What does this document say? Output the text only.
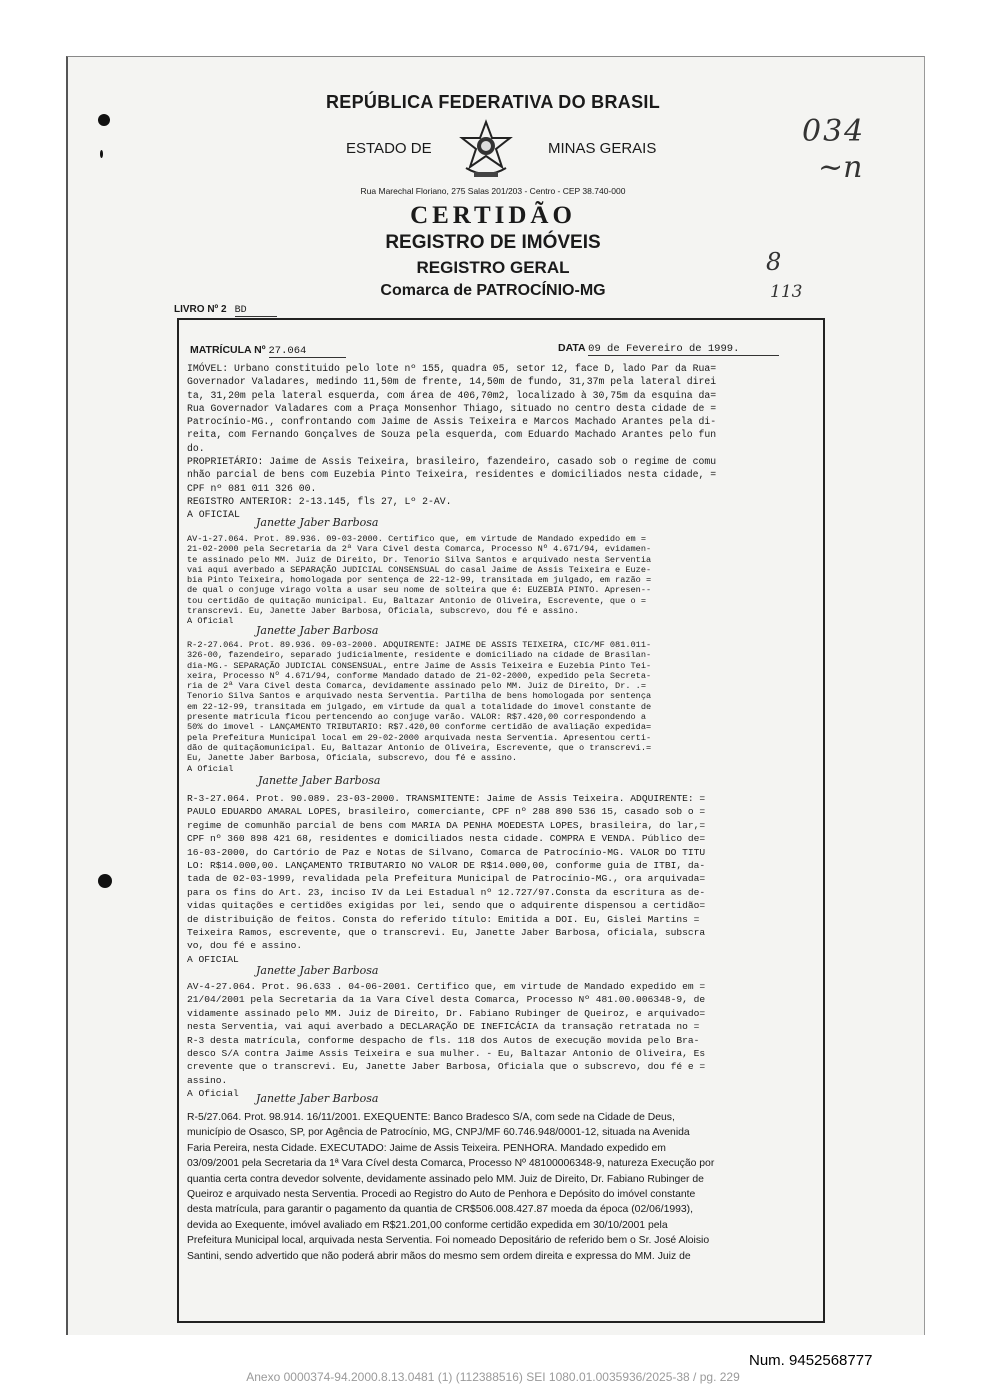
REPÚBLICA FEDERATIVA DO BRASIL
ESTADO DE	MINAS GERAIS
Rua Marechal Floriano, 275 Salas 201/203 - Centro - CEP 38.740-000
CERTIDÃO
REGISTRO DE IMÓVEIS
REGISTRO GERAL
Comarca de PATROCÍNIO-MG
034
~n
8
113
LIVRO Nº 2 BD
MATRÍCULA Nº 27.064	DATA 09 de Fevereiro de 1999.
IMÓVEL: Urbano constituido pelo lote nº 155, quadra 05, setor 12, face D, lado Par da Rua=
Governador Valadares, medindo 11,50m de frente, 14,50m de fundo, 31,37m pela lateral direi
ta, 31,20m pela lateral esquerda, com área de 406,70m2, localizado à 30,75m da esquina da=
Rua Governador Valadares com a Praça Monsenhor Thiago, situado no centro desta cidade de =
Patrocínio-MG., confrontando com Jaime de Assis Teixeira e Marcos Machado Arantes pela di-
reita, com Fernando Gonçalves de Souza pela esquerda, com Eduardo Machado Arantes pelo fun
do.
PROPRIETÁRIO: Jaime de Assis Teixeira, brasileiro, fazendeiro, casado sob o regime de comu
nhão parcial de bens com Euzebia Pinto Teixeira, residentes e domiciliados nesta cidade, =
CPF nº 081 011 326 00.
REGISTRO ANTERIOR: 2-13.145, fls 27, Lº 2-AV.
A OFICIAL
Janette Jaber Barbosa
AV-1-27.064. Prot. 89.936. 09-03-2000. Certifico que, em virtude de Mandado expedido em =
21-02-2000 pela Secretaria da 2ª Vara Civel desta Comarca, Processo Nº 4.671/94, evidamen-
te assinado pelo MM. Juiz de Direito, Dr. Tenorio Silva Santos e arquivado nesta Serventia
vai aqui averbado a SEPARAÇÃO JUDICIAL CONSENSUAL do casal Jaime de Assis Teixeira e Euze-
bia Pinto Teixeira, homologada por sentença de 22-12-99, transitada em julgado, em razão =
de qual o conjuge virago volta a usar seu nome de solteira que é: EUZEBIA PINTO. Apresen--
tou certidão de quitação municipal. Eu, Baltazar Antonio de Oliveira, Escrevente, que o =
transcrevi. Eu, Janette Jaber Barbosa, Oficiala, subscrevo, dou fé e assino.
A Oficial
Janette Jaber Barbosa
R-2-27.064. Prot. 89.936. 09-03-2000. ADQUIRENTE: JAIME DE ASSIS TEIXEIRA, CIC/MF 081.011-
326-00, fazendeiro, separado judicialmente, residente e domiciliado na cidade de Brasilan-
dia-MG.- SEPARAÇÃO JUDICIAL CONSENSUAL, entre Jaime de Assis Teixeira e Euzebia Pinto Tei-
xeira, Processo Nº 4.671/94, conforme Mandado datado de 21-02-2000, expedido pela Secreta-
ria de 2ª Vara Civel desta Comarca, devidamente assinado pelo MM. Juiz de Direito, Dr. .=
Tenorio Silva Santos e arquivado nesta Serventia. Partilha de bens homologada por sentença
em 22-12-99, transitada em julgado, em virtude da qual a totalidade do imovel constante de
presente matricula ficou pertencendo ao conjuge varão. VALOR: R$7.420,00 correspondendo a
50% do imovel - LANÇAMENTO TRIBUTARIO: R$7.420,00 conforme certidão de avaliação expedida=
pela Prefeitura Municipal local em 29-02-2000 arquivada nesta Serventia. Apresentou certi-
dão de quitaçãomunicipal. Eu, Baltazar Antonio de Oliveira, Escrevente, que o transcrevi.=
Eu, Janette Jaber Barbosa, Oficiala, subscrevo, dou fé e assino.
A Oficial
Janette Jaber Barbosa
R-3-27.064. Prot. 90.089. 23-03-2000. TRANSMITENTE: Jaime de Assis Teixeira. ADQUIRENTE: =
PAULO EDUARDO AMARAL LOPES, brasileiro, comerciante, CPF nº 288 890 536 15, casado sob o =
regime de comunhão parcial de bens com MARIA DA PENHA MOEDESTA LOPES, brasileira, do lar,=
CPF nº 360 898 421 68, residentes e domiciliados nesta cidade. COMPRA E VENDA. Público de=
16-03-2000, do Cartório de Paz e Notas de Silvano, Comarca de Patrocínio-MG. VALOR DO TITU
LO: R$14.000,00. LANÇAMENTO TRIBUTARIO NO VALOR DE R$14.000,00, conforme guia de ITBI, da-
tada de 02-03-1999, revalidada pela Prefeitura Municipal de Patrocínio-MG., ora arquivada=
para os fins do Art. 23, inciso IV da Lei Estadual nº 12.727/97.Consta da escritura as de-
vidas quitações e certidões exigidas por lei, sendo que o adquirente dispensou a certidão=
de distribuição de feitos. Consta do referido título: Emitida a DOI. Eu, Gislei Martins =
Teixeira Ramos, escrevente, que o transcrevi. Eu, Janette Jaber Barbosa, oficiala, subscra
vo, dou fé e assino.
A OFICIAL
Janette Jaber Barbosa
AV-4-27.064. Prot. 96.633 . 04-06-2001. Certifico que, em virtude de Mandado expedido em =
21/04/2001 pela Secretaria da 1a Vara Cível desta Comarca, Processo Nº 481.00.006348-9, de
vidamente assinado pelo MM. Juiz de Direito, Dr. Fabiano Rubinger de Queiroz, e arquivado=
nesta Serventia, vai aqui averbado a DECLARAÇÃO DE INEFICÁCIA da transação retratada no =
R-3 desta matrícula, conforme despacho de fls. 118 dos Autos de execução movida pelo Bra-
desco S/A contra Jaime Assis Teixeira e sua mulher. - Eu, Baltazar Antonio de Oliveira, Es
crevente que o transcrevi. Eu, Janette Jaber Barbosa, Oficiala que o subscrevo, dou fé e =
assino.
A Oficial	Janette Jaber Barbosa
R-5/27.064. Prot. 98.914. 16/11/2001. EXEQUENTE: Banco Bradesco S/A, com sede na Cidade de Deus,
município de Osasco, SP, por Agência de Patrocínio, MG, CNPJ/MF 60.746.948/0001-12, situada na Avenida
Faria Pereira, nesta Cidade. EXECUTADO: Jaime de Assis Teixeira. PENHORA. Mandado expedido em
03/09/2001 pela Secretaria da 1ª Vara Cível desta Comarca, Processo Nº 48100006348-9, natureza Execução por
quantia certa contra devedor solvente, devidamente assinado pelo MM. Juiz de Direito, Dr. Fabiano Rubinger de
Queiroz e arquivado nesta Serventia. Procedi ao Registro do Auto de Penhora e Depósito do imóvel constante
desta matrícula, para garantir o pagamento da quantia de CR$506.008.427.87 moeda da época (02/06/1993),
devida ao Exequente, imóvel avaliado em R$21.201,00 conforme certidão expedida em 30/10/2001 pela
Prefeitura Municipal local, arquivada nesta Serventia. Foi nomeado Depositário de referido bem o Sr. José Aloisio
Santini, sendo advertido que não poderá abrir mãos do mesmo sem ordem direita e expressa do MM. Juiz de
Num. 9452568777
Anexo 0000374-94.2000.8.13.0481 (1) (112388516) SEI 1080.01.0035936/2025-38 / pg. 229
